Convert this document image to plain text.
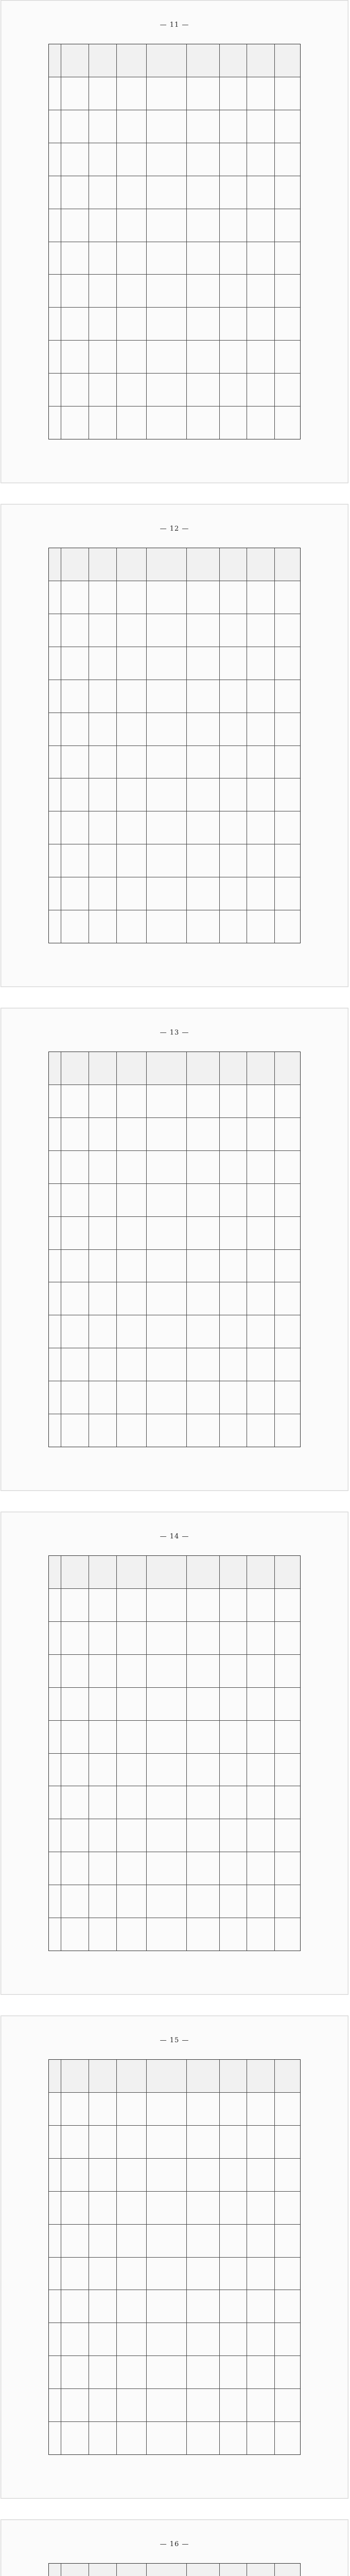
— 11 —
— 12 —
— 13 —
— 14 —
— 15 —
— 16 —
